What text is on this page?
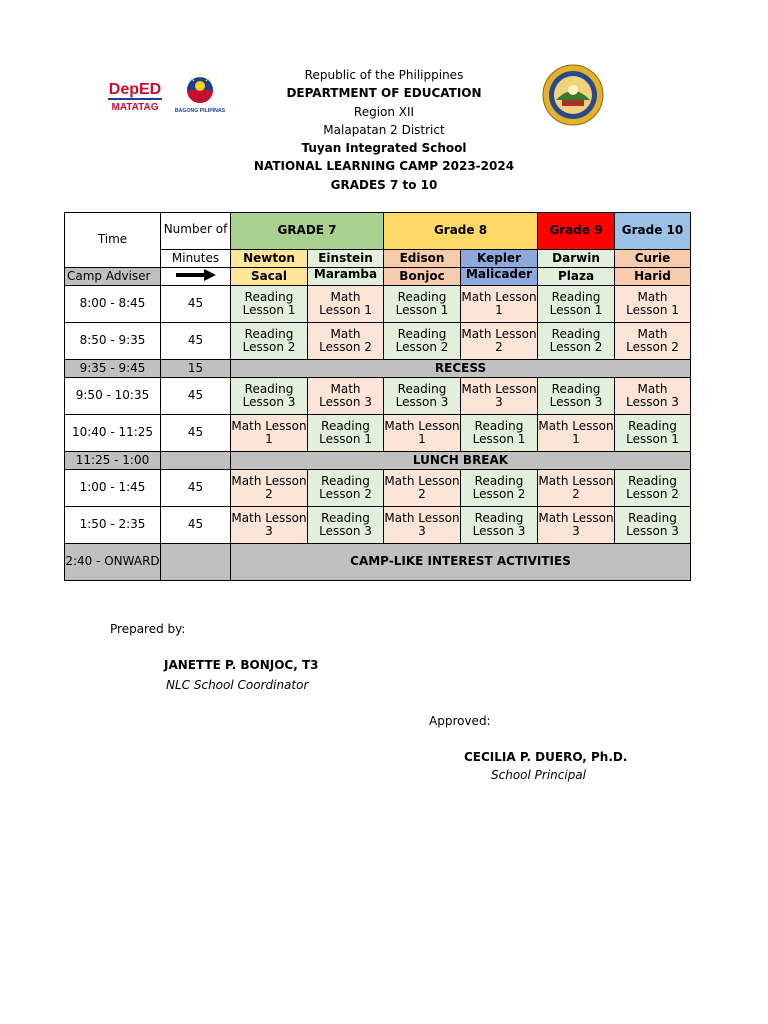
DepED
MATATAG	BAGONG PILIPINAS
Republic of the Philippines
DEPARTMENT OF EDUCATION
Region XII
Malapatan 2 District
Tuyan Integrated School
NATIONAL LEARNING CAMP 2023-2024
GRADES 7 to 10
Time	Number of	GRADE 7		Grade 8		Grade 9	Grade 10
	Minutes	Newton	Einstein	Edison	Kepler	Darwin	Curie
Camp Adviser		Sacal	Maramba	Bonjoc	Malicader	Plaza	Harid
8:00 - 8:45	45	Reading Lesson 1	Math Lesson 1	Reading Lesson 1	Math Lesson 1	Reading Lesson 1	Math Lesson 1
8:50 - 9:35	45	Reading Lesson 2	Math Lesson 2	Reading Lesson 2	Math Lesson 2	Reading Lesson 2	Math Lesson 2
9:35 - 9:45	15	RECESS					
9:50 - 10:35	45	Reading Lesson 3	Math Lesson 3	Reading Lesson 3	Math Lesson 3	Reading Lesson 3	Math Lesson 3
10:40 - 11:25	45	Math Lesson 1	Reading Lesson 1	Math Lesson 1	Reading Lesson 1	Math Lesson 1	Reading Lesson 1
11:25 - 1:00		LUNCH BREAK					
1:00 - 1:45	45	Math Lesson 2	Reading Lesson 2	Math Lesson 2	Reading Lesson 2	Math Lesson 2	Reading Lesson 2
1:50 - 2:35	45	Math Lesson 3	Reading Lesson 3	Math Lesson 3	Reading Lesson 3	Math Lesson 3	Reading Lesson 3
2:40 - ONWARD		CAMP-LIKE INTEREST ACTIVITIES					
Prepared by:
JANETTE P. BONJOC, T3
NLC School Coordinator
Approved:
CECILIA P. DUERO, Ph.D.
School Principal
